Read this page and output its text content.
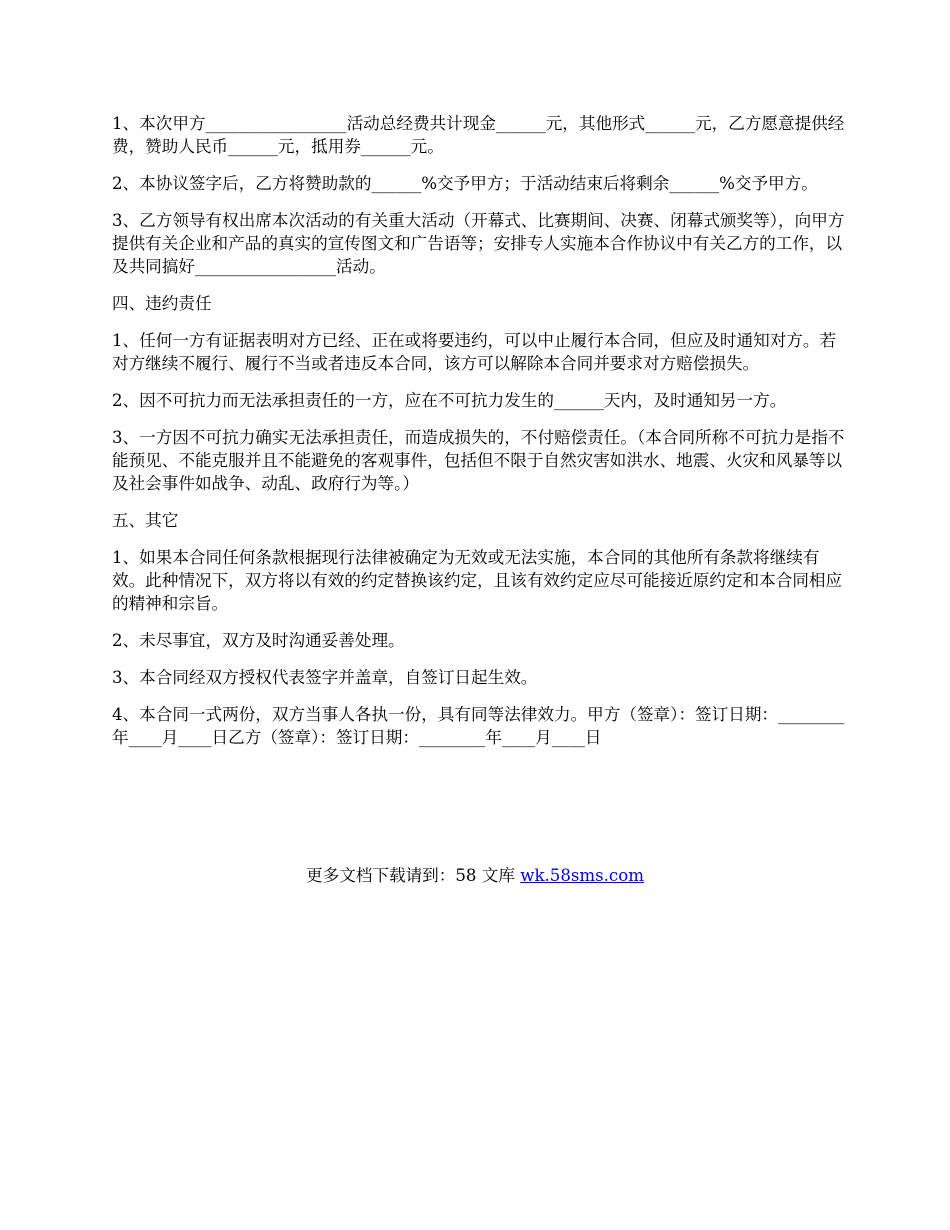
1、本次甲方_________________活动总经费共计现金______元，其他形式______元，乙方愿意提供经费，赞助人民币______元，抵用券______元。

2、本协议签字后，乙方将赞助款的______%交予甲方；于活动结束后将剩余______%交予甲方。

3、乙方领导有权出席本次活动的有关重大活动（开幕式、比赛期间、决赛、闭幕式颁奖等），向甲方提供有关企业和产品的真实的宣传图文和广告语等；安排专人实施本合作协议中有关乙方的工作，以及共同搞好_________________活动。

四、违约责任

1、任何一方有证据表明对方已经、正在或将要违约，可以中止履行本合同，但应及时通知对方。若对方继续不履行、履行不当或者违反本合同，该方可以解除本合同并要求对方赔偿损失。

2、因不可抗力而无法承担责任的一方，应在不可抗力发生的______天内，及时通知另一方。

3、一方因不可抗力确实无法承担责任，而造成损失的，不付赔偿责任。（本合同所称不可抗力是指不能预见、不能克服并且不能避免的客观事件，包括但不限于自然灾害如洪水、地震、火灾和风暴等以及社会事件如战争、动乱、政府行为等。）

五、其它

1、如果本合同任何条款根据现行法律被确定为无效或无法实施，本合同的其他所有条款将继续有效。此种情况下，双方将以有效的约定替换该约定，且该有效约定应尽可能接近原约定和本合同相应的精神和宗旨。

2、未尽事宜，双方及时沟通妥善处理。

3、本合同经双方授权代表签字并盖章，自签订日起生效。

4、本合同一式两份，双方当事人各执一份，具有同等法律效力。甲方（签章）：签订日期：________年____月____日乙方（签章）：签订日期：________年____月____日

更多文档下载请到：58 文库 wk.58sms.com
